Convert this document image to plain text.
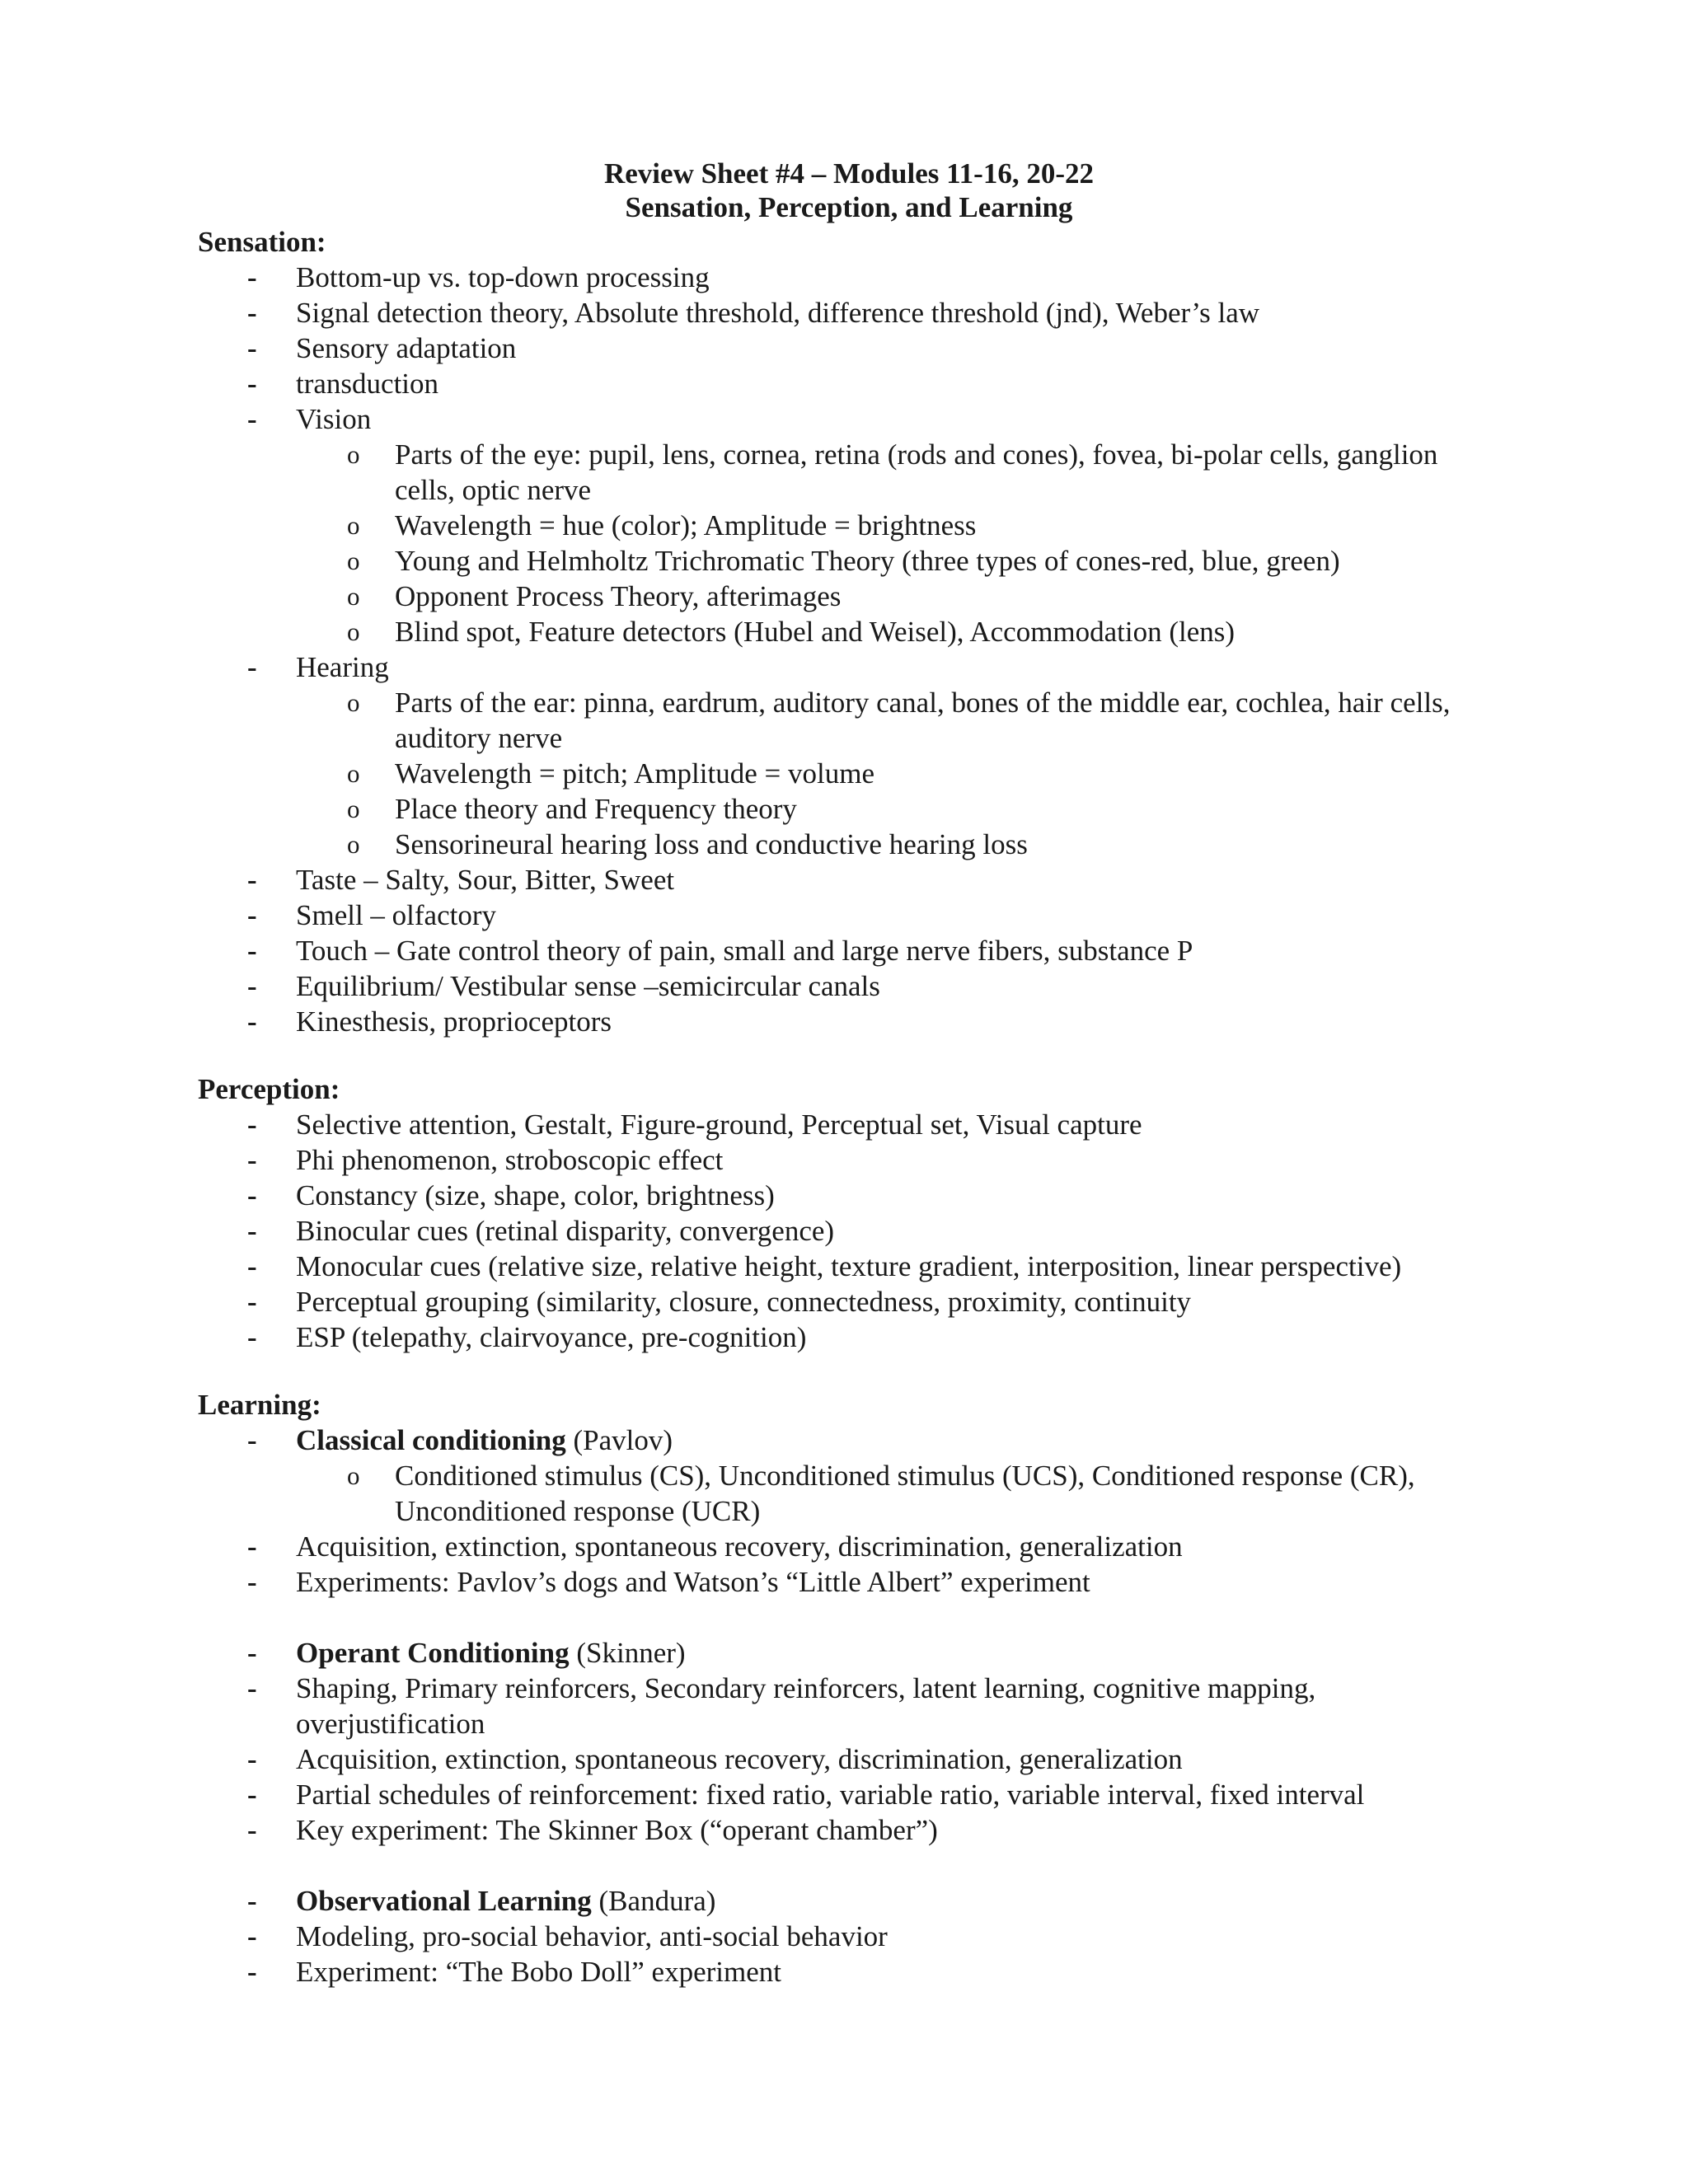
Review Sheet #4 – Modules 11-16, 20-22
Sensation, Perception, and Learning
Sensation:
- Bottom-up vs. top-down processing
- Signal detection theory, Absolute threshold, difference threshold (jnd), Weber’s law
- Sensory adaptation
- transduction
- Vision
o Parts of the eye: pupil, lens, cornea, retina (rods and cones), fovea, bi-polar cells, ganglion cells, optic nerve
o Wavelength = hue (color); Amplitude = brightness
o Young and Helmholtz Trichromatic Theory (three types of cones-red, blue, green)
o Opponent Process Theory, afterimages
o Blind spot, Feature detectors (Hubel and Weisel), Accommodation (lens)
- Hearing
o Parts of the ear: pinna, eardrum, auditory canal, bones of the middle ear, cochlea, hair cells, auditory nerve
o Wavelength = pitch; Amplitude = volume
o Place theory and Frequency theory
o Sensorineural hearing loss and conductive hearing loss
- Taste – Salty, Sour, Bitter, Sweet
- Smell – olfactory
- Touch – Gate control theory of pain, small and large nerve fibers, substance P
- Equilibrium/ Vestibular sense –semicircular canals
- Kinesthesis, proprioceptors
Perception:
- Selective attention, Gestalt, Figure-ground, Perceptual set, Visual capture
- Phi phenomenon, stroboscopic effect
- Constancy (size, shape, color, brightness)
- Binocular cues (retinal disparity, convergence)
- Monocular cues (relative size, relative height, texture gradient, interposition, linear perspective)
- Perceptual grouping (similarity, closure, connectedness, proximity, continuity
- ESP (telepathy, clairvoyance, pre-cognition)
Learning:
- Classical conditioning (Pavlov)
o Conditioned stimulus (CS), Unconditioned stimulus (UCS), Conditioned response (CR), Unconditioned response (UCR)
- Acquisition, extinction, spontaneous recovery, discrimination, generalization
- Experiments: Pavlov’s dogs and Watson’s “Little Albert” experiment
- Operant Conditioning (Skinner)
- Shaping, Primary reinforcers, Secondary reinforcers, latent learning, cognitive mapping, overjustification
- Acquisition, extinction, spontaneous recovery, discrimination, generalization
- Partial schedules of reinforcement: fixed ratio, variable ratio, variable interval, fixed interval
- Key experiment: The Skinner Box (“operant chamber”)
- Observational Learning (Bandura)
- Modeling, pro-social behavior, anti-social behavior
- Experiment: “The Bobo Doll” experiment
